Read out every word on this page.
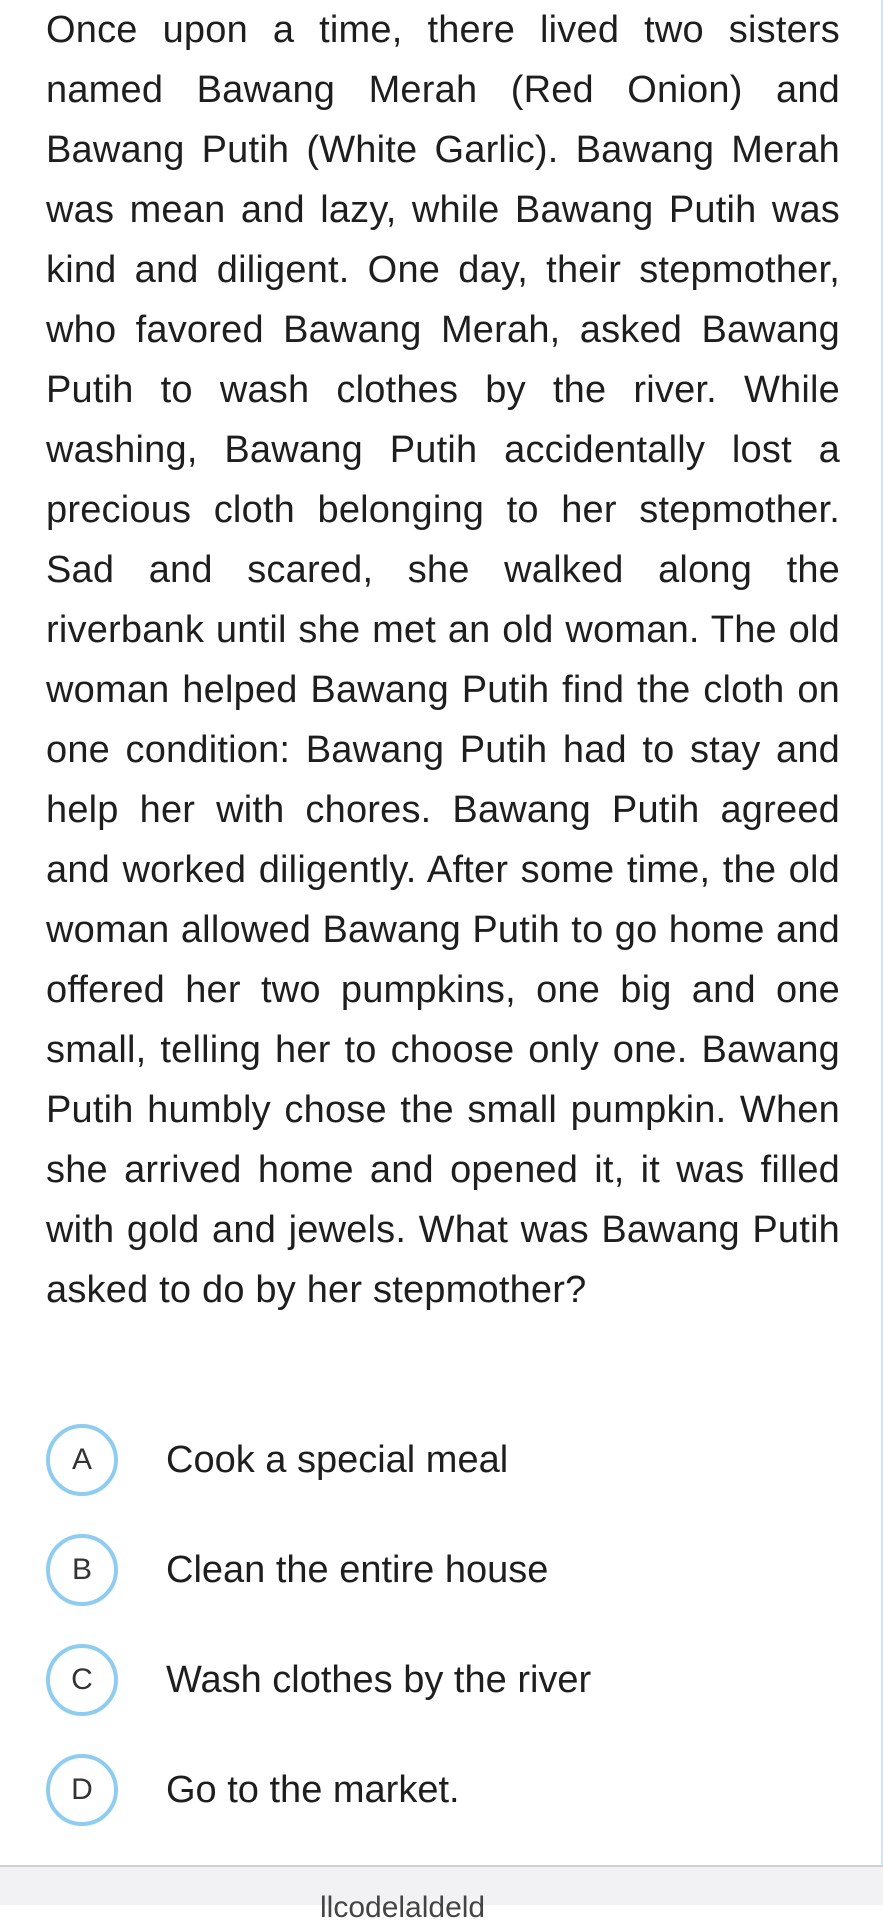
Once upon a time, there lived two sisters named Bawang Merah (Red Onion) and Bawang Putih (White Garlic). Bawang Merah was mean and lazy, while Bawang Putih was kind and diligent. One day, their stepmother, who favored Bawang Merah, asked Bawang Putih to wash clothes by the river. While washing, Bawang Putih accidentally lost a precious cloth belonging to her stepmother. Sad and scared, she walked along the riverbank until she met an old woman. The old woman helped Bawang Putih find the cloth on one condition: Bawang Putih had to stay and help her with chores. Bawang Putih agreed and worked diligently. After some time, the old woman allowed Bawang Putih to go home and offered her two pumpkins, one big and one small, telling her to choose only one. Bawang Putih humbly chose the small pumpkin. When she arrived home and opened it, it was filled with gold and jewels. What was Bawang Putih asked to do by her stepmother?

A	Cook a special meal
B	Clean the entire house
C	Wash clothes by the river
D	Go to the market.
llcodelaldeld
